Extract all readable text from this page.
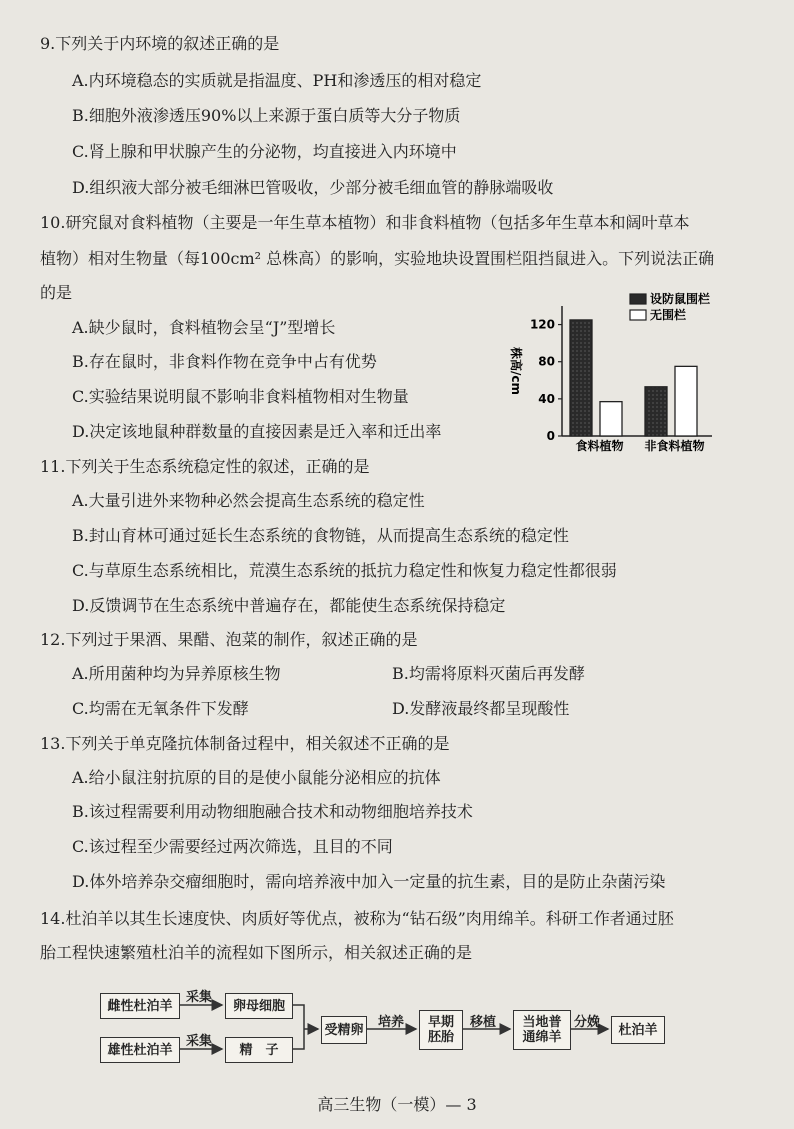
9.下列关于内环境的叙述正确的是
A.内环境稳态的实质就是指温度、PH和渗透压的相对稳定
B.细胞外液渗透压90%以上来源于蛋白质等大分子物质
C.肾上腺和甲状腺产生的分泌物，均直接进入内环境中
D.组织液大部分被毛细淋巴管吸收，少部分被毛细血管的静脉端吸收
10.研究鼠对食料植物（主要是一年生草本植物）和非食料植物（包括多年生草本和阔叶草本
植物）相对生物量（每100cm² 总株高）的影响，实验地块设置围栏阻挡鼠进入。下列说法正确
的是
A.缺少鼠时，食料植物会呈“J”型增长
B.存在鼠时，非食料作物在竞争中占有优势
C.实验结果说明鼠不影响非食料植物相对生物量
D.决定该地鼠种群数量的直接因素是迁入率和迁出率	0
40
80
120
株高/cm
食料植物 非食料植物
设防鼠围栏
无围栏
11.下列关于生态系统稳定性的叙述，正确的是
A.大量引进外来物种必然会提高生态系统的稳定性
B.封山育林可通过延长生态系统的食物链，从而提高生态系统的稳定性
C.与草原生态系统相比，荒漠生态系统的抵抗力稳定性和恢复力稳定性都很弱
D.反馈调节在生态系统中普遍存在，都能使生态系统保持稳定
12.下列过于果酒、果醋、泡菜的制作，叙述正确的是
A.所用菌种均为异养原核生物	B.均需将原料灭菌后再发酵
C.均需在无氧条件下发酵	D.发酵液最终都呈现酸性
13.下列关于单克隆抗体制备过程中，相关叙述不正确的是
A.给小鼠注射抗原的目的是使小鼠能分泌相应的抗体
B.该过程需要利用动物细胞融合技术和动物细胞培养技术
C.该过程至少需要经过两次筛选，且目的不同
D.体外培养杂交瘤细胞时，需向培养液中加入一定量的抗生素，目的是防止杂菌污染
14.杜泊羊以其生长速度快、肉质好等优点，被称为“钻石级”肉用绵羊。科研工作者通过胚
胎工程快速繁殖杜泊羊的流程如下图所示，相关叙述正确的是
雌性杜泊羊
雄性杜泊羊
采集
采集
卵母细胞
精　子
受精卵 培养	早期
胚胎
移植	当地普
通绵羊
分娩	杜泊羊
高三生物（一模）— 3
